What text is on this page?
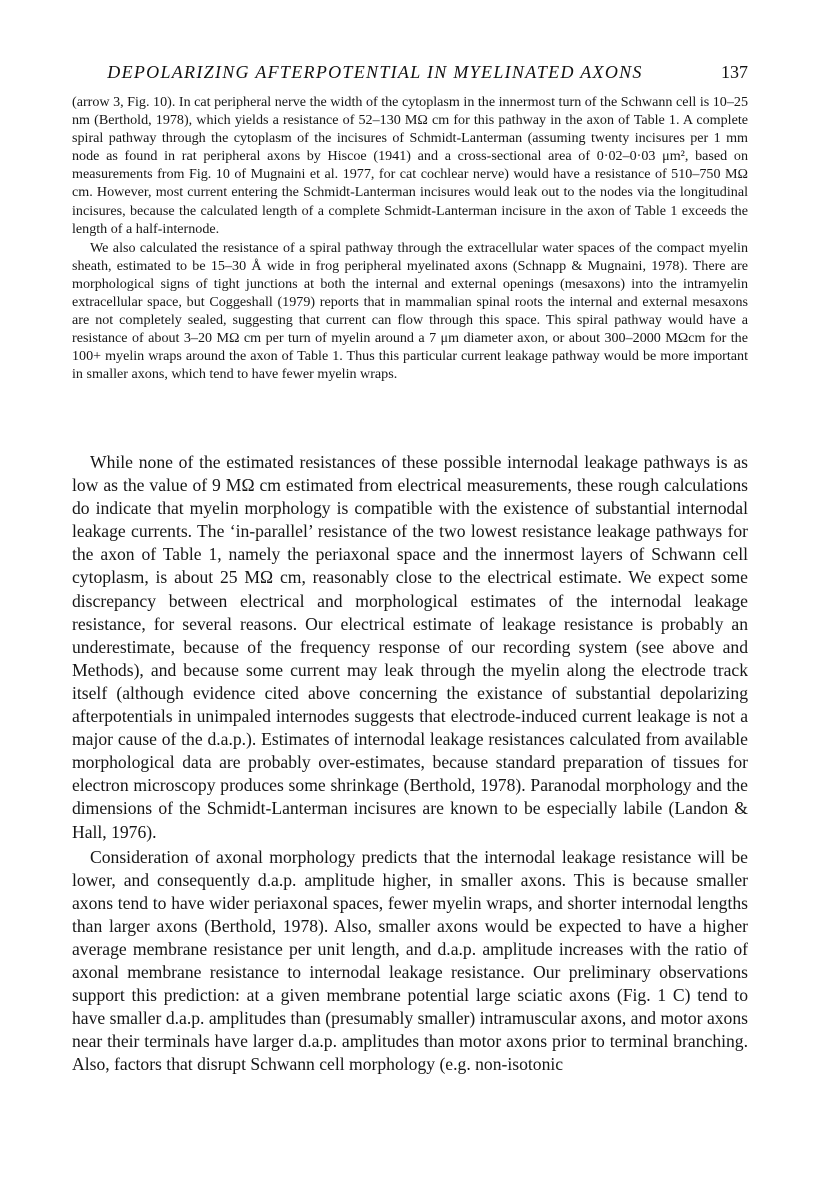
DEPOLARIZING AFTERPOTENTIAL IN MYELINATED AXONS	137

(arrow 3, Fig. 10). In cat peripheral nerve the width of the cytoplasm in the innermost turn of the Schwann cell is 10–25 nm (Berthold, 1978), which yields a resistance of 52–130 MΩ cm for this pathway in the axon of Table 1. A complete spiral pathway through the cytoplasm of the incisures of Schmidt-Lanterman (assuming twenty incisures per 1 mm node as found in rat peripheral axons by Hiscoe (1941) and a cross-sectional area of 0·02–0·03 μm², based on measurements from Fig. 10 of Mugnaini et al. 1977, for cat cochlear nerve) would have a resistance of 510–750 MΩ cm. However, most current entering the Schmidt-Lanterman incisures would leak out to the nodes via the longitudinal incisures, because the calculated length of a complete Schmidt-Lanterman incisure in the axon of Table 1 exceeds the length of a half-internode.

We also calculated the resistance of a spiral pathway through the extracellular water spaces of the compact myelin sheath, estimated to be 15–30 Å wide in frog peripheral myelinated axons (Schnapp & Mugnaini, 1978). There are morphological signs of tight junctions at both the internal and external openings (mesaxons) into the intramyelin extracellular space, but Coggeshall (1979) reports that in mammalian spinal roots the internal and external mesaxons are not completely sealed, suggesting that current can flow through this space. This spiral pathway would have a resistance of about 3–20 MΩ cm per turn of myelin around a 7 μm diameter axon, or about 300–2000 MΩcm for the 100+ myelin wraps around the axon of Table 1. Thus this particular current leakage pathway would be more important in smaller axons, which tend to have fewer myelin wraps.

While none of the estimated resistances of these possible internodal leakage pathways is as low as the value of 9 MΩ cm estimated from electrical measurements, these rough calculations do indicate that myelin morphology is compatible with the existence of substantial internodal leakage currents. The ‘in-parallel’ resistance of the two lowest resistance leakage pathways for the axon of Table 1, namely the periaxonal space and the innermost layers of Schwann cell cytoplasm, is about 25 MΩ cm, reasonably close to the electrical estimate. We expect some discrepancy between electrical and morphological estimates of the internodal leakage resistance, for several reasons. Our electrical estimate of leakage resistance is probably an underestimate, because of the frequency response of our recording system (see above and Methods), and because some current may leak through the myelin along the electrode track itself (although evidence cited above concerning the existance of substantial depolarizing afterpotentials in unimpaled internodes suggests that electrode-induced current leakage is not a major cause of the d.a.p.). Estimates of internodal leakage resistances calculated from available morphological data are probably over-estimates, because standard preparation of tissues for electron microscopy produces some shrinkage (Berthold, 1978). Paranodal morphology and the dimensions of the Schmidt-Lanterman incisures are known to be especially labile (Landon & Hall, 1976).

Consideration of axonal morphology predicts that the internodal leakage resistance will be lower, and consequently d.a.p. amplitude higher, in smaller axons. This is because smaller axons tend to have wider periaxonal spaces, fewer myelin wraps, and shorter internodal lengths than larger axons (Berthold, 1978). Also, smaller axons would be expected to have a higher average membrane resistance per unit length, and d.a.p. amplitude increases with the ratio of axonal membrane resistance to internodal leakage resistance. Our preliminary observations support this prediction: at a given membrane potential large sciatic axons (Fig. 1 C) tend to have smaller d.a.p. amplitudes than (presumably smaller) intramuscular axons, and motor axons near their terminals have larger d.a.p. amplitudes than motor axons prior to terminal branching. Also, factors that disrupt Schwann cell morphology (e.g. non-isotonic
